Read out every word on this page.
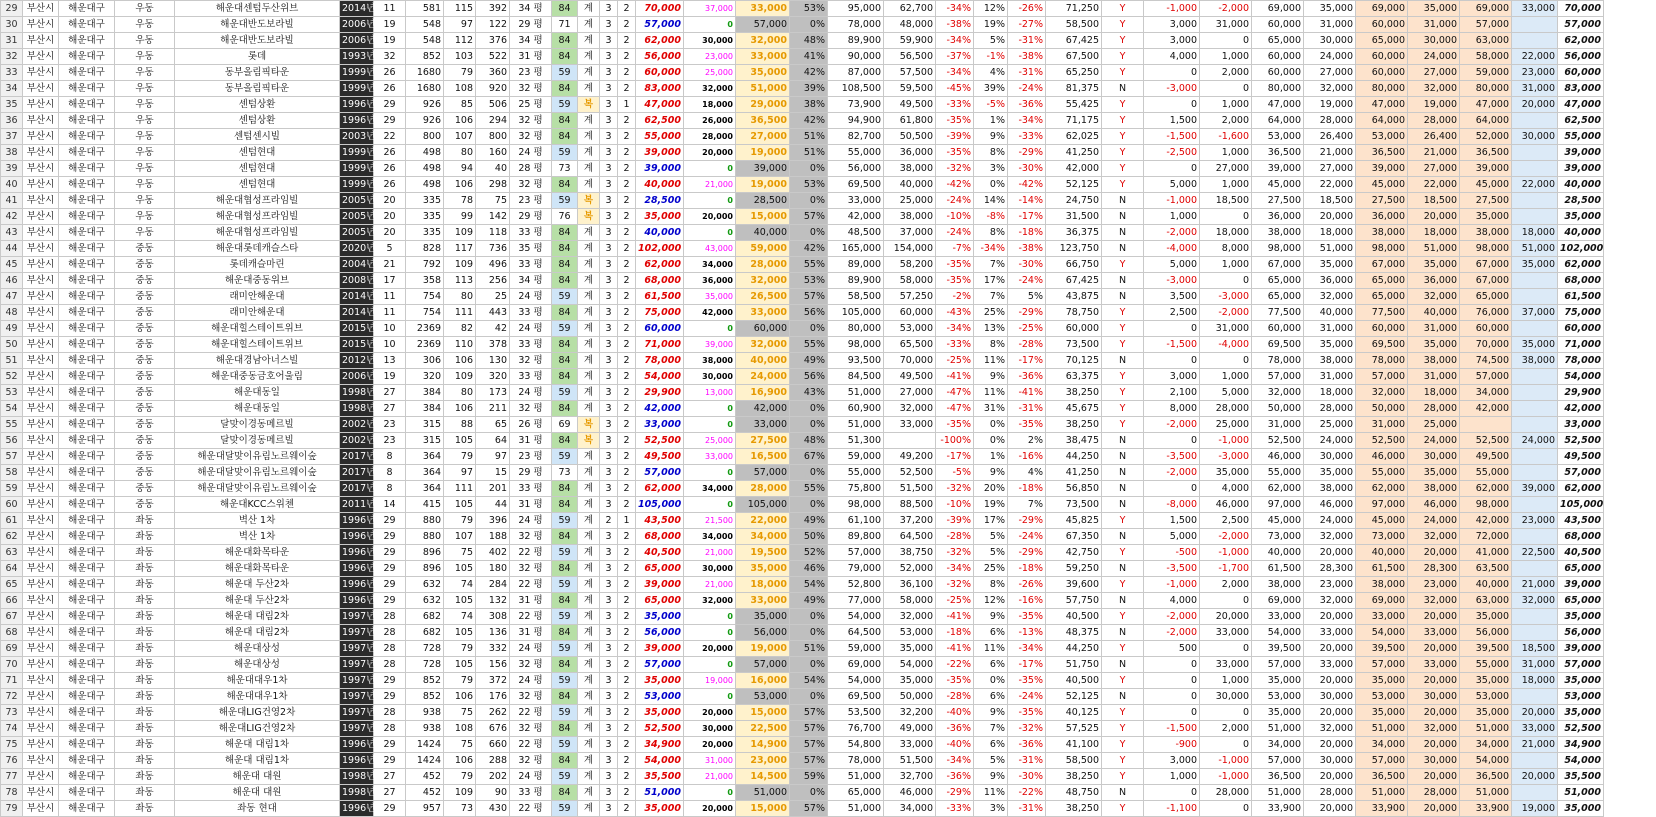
29	부산시	해운대구	우동	해운대센텀두산위브	2014년	11	581	115	392	34 평	84	계	3	2	70,000	37,000	33,000	53%	95,000	62,700	-34%	12%	-26%	71,250	Y	-1,000	-2,000	69,000	35,000	69,000	35,000	69,000	33,000	70,000
30	부산시	해운대구	우동	해운대반도보라빌	2006년	19	548	97	122	29 평	71	계	3	2	57,000	0	57,000	0%	78,000	48,000	-38%	19%	-27%	58,500	Y	3,000	31,000	60,000	31,000	60,000	31,000	57,000		57,000
31	부산시	해운대구	우동	해운대반도보라빌	2006년	19	548	112	376	34 평	84	계	3	2	62,000	30,000	32,000	48%	89,900	59,900	-34%	5%	-31%	67,425	Y	3,000	0	65,000	30,000	65,000	30,000	63,000		62,000
32	부산시	해운대구	우동	롯데	1993년	32	852	103	522	31 평	84	계	3	2	56,000	23,000	33,000	41%	90,000	56,500	-37%	-1%	-38%	67,500	Y	4,000	1,000	60,000	24,000	60,000	24,000	58,000	22,000	56,000
33	부산시	해운대구	우동	동부올림픽타운	1999년	26	1680	79	360	23 평	59	계	3	2	60,000	25,000	35,000	42%	87,000	57,500	-34%	4%	-31%	65,250	Y	0	2,000	60,000	27,000	60,000	27,000	59,000	23,000	60,000
34	부산시	해운대구	우동	동부올림픽타운	1999년	26	1680	108	920	32 평	84	계	3	2	83,000	32,000	51,000	39%	108,500	59,500	-45%	39%	-24%	81,375	N	-3,000	0	80,000	32,000	80,000	32,000	80,000	31,000	83,000
35	부산시	해운대구	우동	센텀상환	1996년	29	926	85	506	25 평	59	복	3	1	47,000	18,000	29,000	38%	73,900	49,500	-33%	-5%	-36%	55,425	Y	0	1,000	47,000	19,000	47,000	19,000	47,000	20,000	47,000
36	부산시	해운대구	우동	센텀상환	1996년	29	926	106	294	32 평	84	계	3	2	62,500	26,000	36,500	42%	94,900	61,800	-35%	1%	-34%	71,175	Y	1,500	2,000	64,000	28,000	64,000	28,000	64,000		62,500
37	부산시	해운대구	우동	센텀센시빌	2003년	22	800	107	800	32 평	84	계	3	2	55,000	28,000	27,000	51%	82,700	50,500	-39%	9%	-33%	62,025	Y	-1,500	-1,600	53,000	26,400	53,000	26,400	52,000	30,000	55,000
38	부산시	해운대구	우동	센텀현대	1999년	26	498	80	160	24 평	59	계	3	2	39,000	20,000	19,000	51%	55,000	36,000	-35%	8%	-29%	41,250	Y	-2,500	1,000	36,500	21,000	36,500	21,000	36,500		39,000
39	부산시	해운대구	우동	센텀현대	1999년	26	498	94	40	28 평	73	계	3	2	39,000	0	39,000	0%	56,000	38,000	-32%	3%	-30%	42,000	Y	0	27,000	39,000	27,000	39,000	27,000	39,000		39,000
40	부산시	해운대구	우동	센텀현대	1999년	26	498	106	298	32 평	84	계	3	2	40,000	21,000	19,000	53%	69,500	40,000	-42%	0%	-42%	52,125	Y	5,000	1,000	45,000	22,000	45,000	22,000	45,000	22,000	40,000
41	부산시	해운대구	우동	해운대협성프라임빌	2005년	20	335	78	75	23 평	59	복	3	2	28,500	0	28,500	0%	33,000	25,000	-24%	14%	-14%	24,750	N	-1,000	18,500	27,500	18,500	27,500	18,500	27,500		28,500
42	부산시	해운대구	우동	해운대협성프라임빌	2005년	20	335	99	142	29 평	76	복	3	2	35,000	20,000	15,000	57%	42,000	38,000	-10%	-8%	-17%	31,500	N	1,000	0	36,000	20,000	36,000	20,000	35,000		35,000
43	부산시	해운대구	우동	해운대협성프라임빌	2005년	20	335	109	118	33 평	84	계	3	2	40,000	0	40,000	0%	48,500	37,000	-24%	8%	-18%	36,375	N	-2,000	18,000	38,000	18,000	38,000	18,000	38,000	18,000	40,000
44	부산시	해운대구	중동	해운대롯데캐슬스타	2020년	5	828	117	736	35 평	84	계	3	2	102,000	43,000	59,000	42%	165,000	154,000	-7%	-34%	-38%	123,750	N	-4,000	8,000	98,000	51,000	98,000	51,000	98,000	51,000	102,000
45	부산시	해운대구	중동	롯데캐슬마린	2004년	21	792	109	496	33 평	84	계	3	2	62,000	34,000	28,000	55%	89,000	58,200	-35%	7%	-30%	66,750	Y	5,000	1,000	67,000	35,000	67,000	35,000	67,000	35,000	62,000
46	부산시	해운대구	중동	해운대중동위브	2008년	17	358	113	256	34 평	84	계	3	2	68,000	36,000	32,000	53%	89,900	58,000	-35%	17%	-24%	67,425	N	-3,000	0	65,000	36,000	65,000	36,000	67,000		68,000
47	부산시	해운대구	중동	래미안해운대	2014년	11	754	80	25	24 평	59	계	3	2	61,500	35,000	26,500	57%	58,500	57,250	-2%	7%	5%	43,875	N	3,500	-3,000	65,000	32,000	65,000	32,000	65,000		61,500
48	부산시	해운대구	중동	래미안해운대	2014년	11	754	111	443	33 평	84	계	3	2	75,000	42,000	33,000	56%	105,000	60,000	-43%	25%	-29%	78,750	Y	2,500	-2,000	77,500	40,000	77,500	40,000	76,000	37,000	75,000
49	부산시	해운대구	중동	해운대힐스테이트위브	2015년	10	2369	82	42	24 평	59	계	3	2	60,000	0	60,000	0%	80,000	53,000	-34%	13%	-25%	60,000	Y	0	31,000	60,000	31,000	60,000	31,000	60,000		60,000
50	부산시	해운대구	중동	해운대힐스테이트위브	2015년	10	2369	110	378	33 평	84	계	3	2	71,000	39,000	32,000	55%	98,000	65,500	-33%	8%	-28%	73,500	Y	-1,500	-4,000	69,500	35,000	69,500	35,000	70,000	35,000	71,000
51	부산시	해운대구	중동	해운대경남아너스빌	2012년	13	306	106	130	32 평	84	계	3	2	78,000	38,000	40,000	49%	93,500	70,000	-25%	11%	-17%	70,125	N	0	0	78,000	38,000	78,000	38,000	74,500	38,000	78,000
52	부산시	해운대구	중동	해운대중동금호어울림	2006년	19	320	109	320	33 평	84	계	3	2	54,000	30,000	24,000	56%	84,500	49,500	-41%	9%	-36%	63,375	Y	3,000	1,000	57,000	31,000	57,000	31,000	57,000		54,000
53	부산시	해운대구	중동	해운대동일	1998년	27	384	80	173	24 평	59	계	3	2	29,900	13,000	16,900	43%	51,000	27,000	-47%	11%	-41%	38,250	Y	2,100	5,000	32,000	18,000	32,000	18,000	34,000		29,900
54	부산시	해운대구	중동	해운대동일	1998년	27	384	106	211	32 평	84	계	3	2	42,000	0	42,000	0%	60,900	32,000	-47%	31%	-31%	45,675	Y	8,000	28,000	50,000	28,000	50,000	28,000	42,000		42,000
55	부산시	해운대구	중동	달맞이경동메르빌	2002년	23	315	88	65	26 평	69	복	3	2	33,000	0	33,000	0%	51,000	33,000	-35%	0%	-35%	38,250	Y	-2,000	25,000	31,000	25,000	31,000	25,000			33,000
56	부산시	해운대구	중동	달맞이경동메르빌	2002년	23	315	105	64	31 평	84	복	3	2	52,500	25,000	27,500	48%	51,300		-100%	0%	2%	38,475	N	0	-1,000	52,500	24,000	52,500	24,000	52,500	24,000	52,500
57	부산시	해운대구	중동	해운대달맞이유림노르웨이숲	2017년	8	364	79	97	23 평	59	계	3	2	49,500	33,000	16,500	67%	59,000	49,200	-17%	1%	-16%	44,250	N	-3,500	-3,000	46,000	30,000	46,000	30,000	49,500		49,500
58	부산시	해운대구	중동	해운대달맞이유림노르웨이숲	2017년	8	364	97	15	29 평	73	계	3	2	57,000	0	57,000	0%	55,000	52,500	-5%	9%	4%	41,250	N	-2,000	35,000	55,000	35,000	55,000	35,000	55,000		57,000
59	부산시	해운대구	중동	해운대달맞이유림노르웨이숲	2017년	8	364	111	201	33 평	84	계	3	2	62,000	34,000	28,000	55%	75,800	51,500	-32%	20%	-18%	56,850	N	0	4,000	62,000	38,000	62,000	38,000	62,000	39,000	62,000
60	부산시	해운대구	중동	해운대KCC스위첸	2011년	14	415	105	44	31 평	84	계	3	2	105,000	0	105,000	0%	98,000	88,500	-10%	19%	7%	73,500	N	-8,000	46,000	97,000	46,000	97,000	46,000	98,000		105,000
61	부산시	해운대구	좌동	벽산 1차	1996년	29	880	79	396	24 평	59	계	2	1	43,500	21,500	22,000	49%	61,100	37,200	-39%	17%	-29%	45,825	Y	1,500	2,500	45,000	24,000	45,000	24,000	42,000	23,000	43,500
62	부산시	해운대구	좌동	벽산 1차	1996년	29	880	107	188	32 평	84	계	3	2	68,000	34,000	34,000	50%	89,800	64,500	-28%	5%	-24%	67,350	N	5,000	-2,000	73,000	32,000	73,000	32,000	72,000		68,000
63	부산시	해운대구	좌동	해운대화목타운	1996년	29	896	75	402	22 평	59	계	3	2	40,500	21,000	19,500	52%	57,000	38,750	-32%	5%	-29%	42,750	Y	-500	-1,000	40,000	20,000	40,000	20,000	41,000	22,500	40,500
64	부산시	해운대구	좌동	해운대화목타운	1996년	29	896	105	180	32 평	84	계	3	2	65,000	30,000	35,000	46%	79,000	52,000	-34%	25%	-18%	59,250	N	-3,500	-1,700	61,500	28,300	61,500	28,300	63,500		65,000
65	부산시	해운대구	좌동	해운대 두산2차	1996년	29	632	74	284	22 평	59	계	3	2	39,000	21,000	18,000	54%	52,800	36,100	-32%	8%	-26%	39,600	Y	-1,000	2,000	38,000	23,000	38,000	23,000	40,000	21,000	39,000
66	부산시	해운대구	좌동	해운대 두산2차	1996년	29	632	105	132	31 평	84	계	3	2	65,000	32,000	33,000	49%	77,000	58,000	-25%	12%	-16%	57,750	N	4,000	0	69,000	32,000	69,000	32,000	63,000	32,000	65,000
67	부산시	해운대구	좌동	해운대 대림2차	1997년	28	682	74	308	22 평	59	계	3	2	35,000	0	35,000	0%	54,000	32,000	-41%	9%	-35%	40,500	Y	-2,000	20,000	33,000	20,000	33,000	20,000	35,000		35,000
68	부산시	해운대구	좌동	해운대 대림2차	1997년	28	682	105	136	31 평	84	계	3	2	56,000	0	56,000	0%	64,500	53,000	-18%	6%	-13%	48,375	N	-2,000	33,000	54,000	33,000	54,000	33,000	56,000		56,000
69	부산시	해운대구	좌동	해운대상성	1997년	28	728	79	332	24 평	59	계	3	2	39,000	20,000	19,000	51%	59,000	35,000	-41%	11%	-34%	44,250	Y	500	0	39,500	20,000	39,500	20,000	39,500	18,500	39,000
70	부산시	해운대구	좌동	해운대상성	1997년	28	728	105	156	32 평	84	계	3	2	57,000	0	57,000	0%	69,000	54,000	-22%	6%	-17%	51,750	N	0	33,000	57,000	33,000	57,000	33,000	55,000	31,000	57,000
71	부산시	해운대구	좌동	해운대대우1차	1997년	29	852	79	372	24 평	59	계	3	2	35,000	19,000	16,000	54%	54,000	35,000	-35%	0%	-35%	40,500	Y	0	1,000	35,000	20,000	35,000	20,000	35,000	18,000	35,000
72	부산시	해운대구	좌동	해운대대우1차	1997년	29	852	106	176	32 평	84	계	3	2	53,000	0	53,000	0%	69,500	50,000	-28%	6%	-24%	52,125	N	0	30,000	53,000	30,000	53,000	30,000	53,000		53,000
73	부산시	해운대구	좌동	해운대LIG건영2차	1997년	28	938	75	262	22 평	59	계	3	2	35,000	20,000	15,000	57%	53,500	32,200	-40%	9%	-35%	40,125	Y	0	0	35,000	20,000	35,000	20,000	35,000	20,000	35,000
74	부산시	해운대구	좌동	해운대LIG건영2차	1997년	28	938	108	676	32 평	84	계	3	2	52,500	30,000	22,500	57%	76,700	49,000	-36%	7%	-32%	57,525	Y	-1,500	2,000	51,000	32,000	51,000	32,000	51,000	33,000	52,500
75	부산시	해운대구	좌동	해운대 대림1차	1996년	29	1424	75	660	22 평	59	계	3	2	34,900	20,000	14,900	57%	54,800	33,000	-40%	6%	-36%	41,100	Y	-900	0	34,000	20,000	34,000	20,000	34,000	21,000	34,900
76	부산시	해운대구	좌동	해운대 대림1차	1996년	29	1424	106	288	32 평	84	계	3	2	54,000	31,000	23,000	57%	78,000	51,500	-34%	5%	-31%	58,500	Y	3,000	-1,000	57,000	30,000	57,000	30,000	54,000		54,000
77	부산시	해운대구	좌동	해운대 대원	1998년	27	452	79	202	24 평	59	계	3	2	35,500	21,000	14,500	59%	51,000	32,700	-36%	9%	-30%	38,250	Y	1,000	-1,000	36,500	20,000	36,500	20,000	36,500	20,000	35,500
78	부산시	해운대구	좌동	해운대 대원	1998년	27	452	109	90	33 평	84	계	3	2	51,000	0	51,000	0%	65,000	46,000	-29%	11%	-22%	48,750	N	0	28,000	51,000	28,000	51,000	28,000	51,000		51,000
79	부산시	해운대구	좌동	좌동 현대	1996년	29	957	73	430	22 평	59	계	3	2	35,000	20,000	15,000	57%	51,000	34,000	-33%	3%	-31%	38,250	Y	-1,100	0	33,900	20,000	33,900	20,000	33,900	19,000	35,000
